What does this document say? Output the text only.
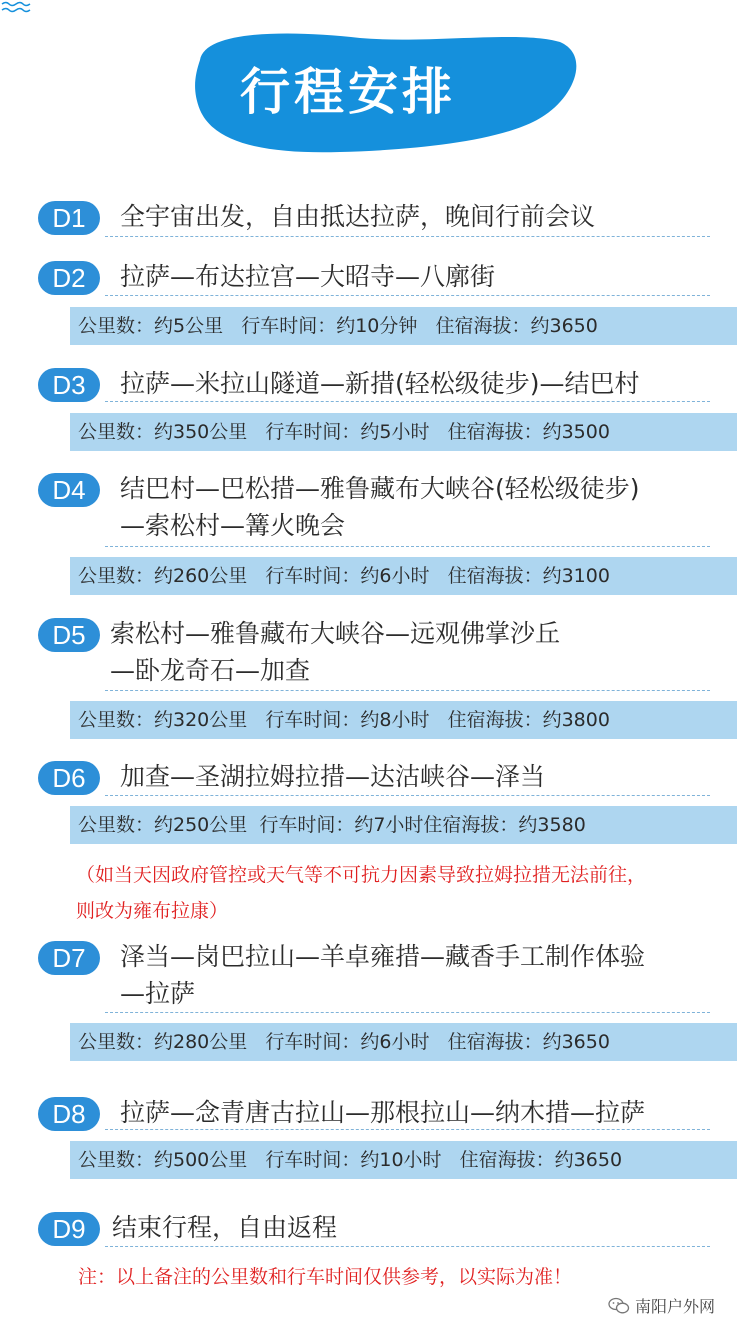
行程安排
D1	全宇宙出发，自由抵达拉萨，晚间行前会议
D2	拉萨—布达拉宫—大昭寺—八廓街
公里数：约5公里   行车时间：约10分钟   住宿海拔：约3650
D3	拉萨—米拉山隧道—新措(轻松级徒步)—结巴村
公里数：约350公里   行车时间：约5小时   住宿海拔：约3500
D4	结巴村—巴松措—雅鲁藏布大峡谷(轻松级徒步)
—索松村—篝火晚会
公里数：约260公里   行车时间：约6小时   住宿海拔：约3100
D5 索松村—雅鲁藏布大峡谷—远观佛掌沙丘
—卧龙奇石—加查
公里数：约320公里   行车时间：约8小时   住宿海拔：约3800
D6	加查—圣湖拉姆拉措—达沽峡谷—泽当
公里数：约250公里  行车时间：约7小时住宿海拔：约3580
（如当天因政府管控或天气等不可抗力因素导致拉姆拉措无法前往，
则改为雍布拉康）
D7	泽当—岗巴拉山—羊卓雍措—藏香手工制作体验
—拉萨
公里数：约280公里   行车时间：约6小时   住宿海拔：约3650
D8	拉萨—念青唐古拉山—那根拉山—纳木措—拉萨
公里数：约500公里   行车时间：约10小时   住宿海拔：约3650
D9	结束行程，自由返程
注：以上备注的公里数和行车时间仅供参考，以实际为准！
南阳户外网
